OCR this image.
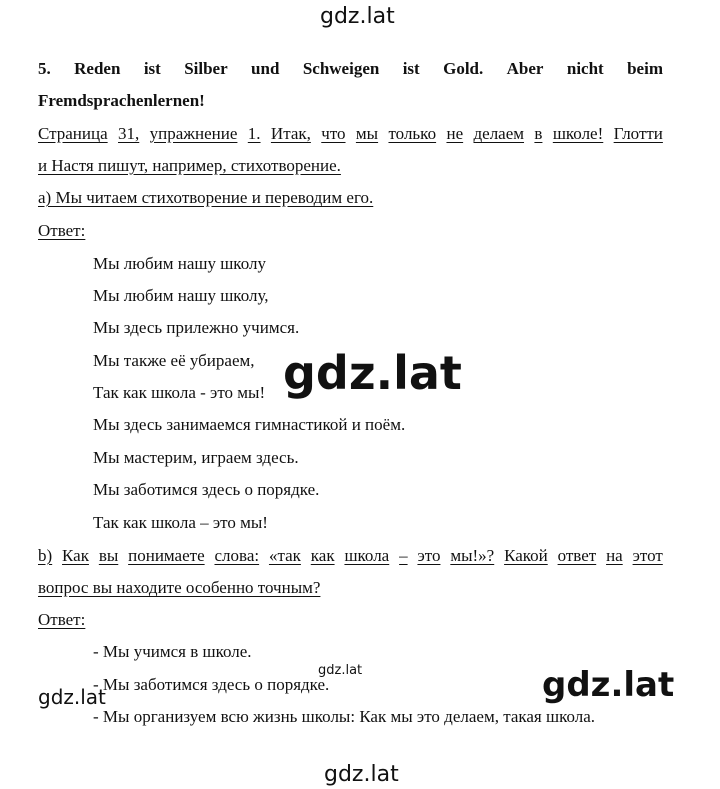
5. Reden ist Silber und Schweigen ist Gold. Aber nicht beim
Fremdsprachenlernen!
Страница 31, упражнение 1. Итак, что мы только не делаем в школе! Глотти
и Настя пишут, например, стихотворение.
а) Мы читаем стихотворение и переводим его.
Ответ:
Мы любим нашу школу
Мы любим нашу школу,
Мы здесь прилежно учимся.
Мы также её убираем,
Так как школа - это мы!
Мы здесь занимаемся гимнастикой и поём.
Мы мастерим, играем здесь.
Мы заботимся здесь о порядке.
Так как школа – это мы!
b) Как вы понимаете слова: «так как школа – это мы!»? Какой ответ на этот
вопрос вы находите особенно точным?
Ответ:
- Мы учимся в школе.
- Мы заботимся здесь о порядке.
- Мы организуем всю жизнь школы: Как мы это делаем, такая школа.
gdz.lat
gdz.lat
gdz.lat
gdz.lat	gdz.lat
gdz.lat
